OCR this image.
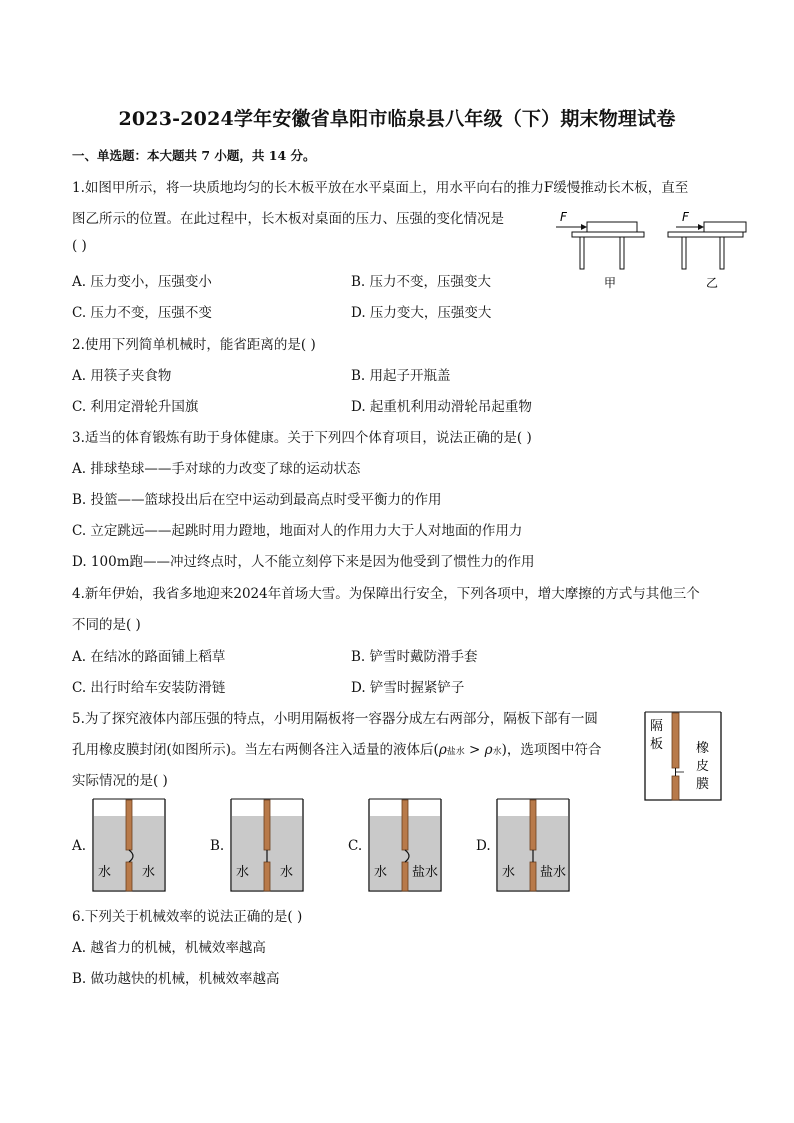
2023-2024学年安徽省阜阳市临泉县八年级（下）期末物理试卷
一、单选题：本大题共 7 小题，共 14 分。
1.如图甲所示，将一块质地均匀的长木板平放在水平桌面上，用水平向右的推力F缓慢推动长木板，直至
图乙所示的位置。在此过程中，长木板对桌面的压力、压强的变化情况是
( )
A. 压力变小，压强变小	B. 压力不变，压强变大
C. 压力不变，压强不变	D. 压力变大，压强变大
F
甲
F
乙
2.使用下列简单机械时，能省距离的是( )
A. 用筷子夹食物	B. 用起子开瓶盖
C. 利用定滑轮升国旗	D. 起重机利用动滑轮吊起重物
3.适当的体育锻炼有助于身体健康。关于下列四个体育项目，说法正确的是( )
A. 排球垫球——手对球的力改变了球的运动状态
B. 投篮——篮球投出后在空中运动到最高点时受平衡力的作用
C. 立定跳远——起跳时用力蹬地，地面对人的作用力大于人对地面的作用力
D. 100m跑——冲过终点时，人不能立刻停下来是因为他受到了惯性力的作用
4.新年伊始，我省多地迎来2024年首场大雪。为保障出行安全，下列各项中，增大摩擦的方式与其他三个
不同的是( )
A. 在结冰的路面铺上稻草	B. 铲雪时戴防滑手套
C. 出行时给车安装防滑链	D. 铲雪时握紧铲子
5.为了探究液体内部压强的特点，小明用隔板将一容器分成左右两部分，隔板下部有一圆
孔用橡皮膜封闭(如图所示)。当左右两侧各注入适量的液体后(ρ盐水 > ρ水)，选项图中符合
实际情况的是( )
隔
板	橡
皮
膜
A.
水 水
B.
水 水
C.
水 盐水
D.
水 盐水
6.下列关于机械效率的说法正确的是( )
A. 越省力的机械，机械效率越高
B. 做功越快的机械，机械效率越高
